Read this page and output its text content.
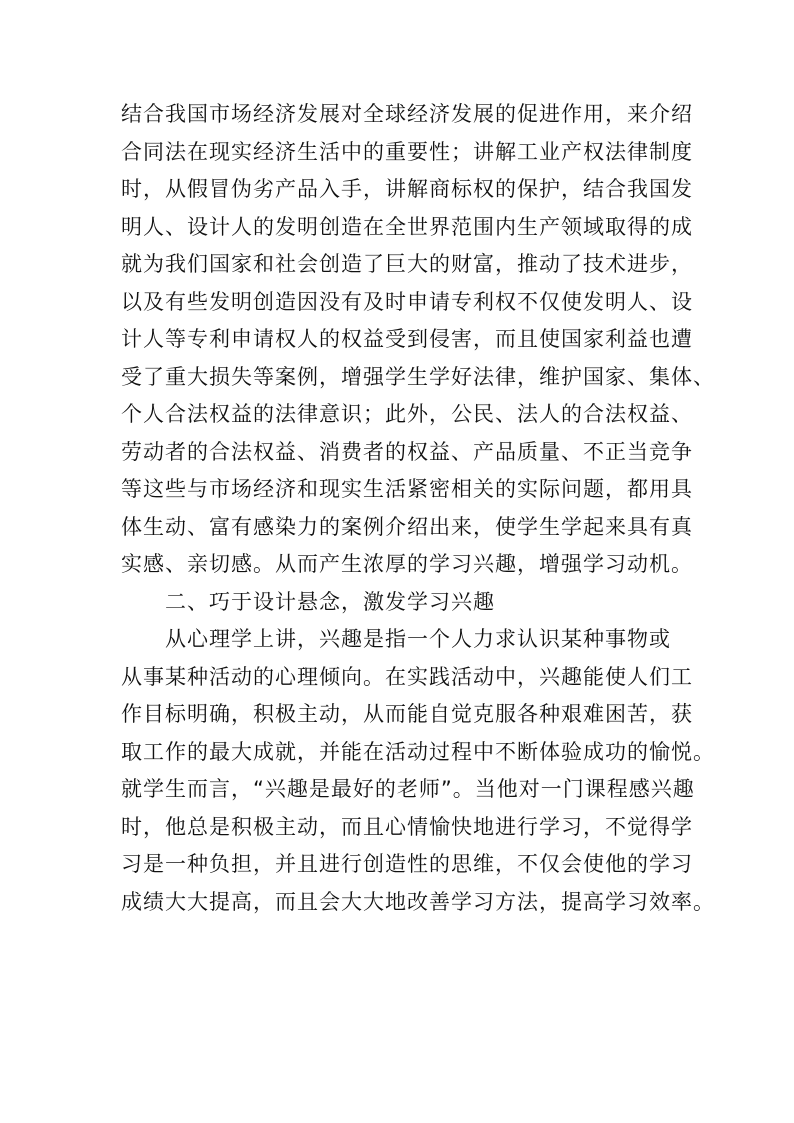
结合我国市场经济发展对全球经济发展的促进作用，来介绍
合同法在现实经济生活中的重要性；讲解工业产权法律制度
时，从假冒伪劣产品入手，讲解商标权的保护，结合我国发
明人、设计人的发明创造在全世界范围内生产领域取得的成
就为我们国家和社会创造了巨大的财富，推动了技术进步，
以及有些发明创造因没有及时申请专利权不仅使发明人、设
计人等专利申请权人的权益受到侵害，而且使国家利益也遭
受了重大损失等案例，增强学生学好法律，维护国家、集体、
个人合法权益的法律意识；此外，公民、法人的合法权益、
劳动者的合法权益、消费者的权益、产品质量、不正当竞争
等这些与市场经济和现实生活紧密相关的实际问题，都用具
体生动、富有感染力的案例介绍出来，使学生学起来具有真
实感、亲切感。从而产生浓厚的学习兴趣，增强学习动机。
二、巧于设计悬念，激发学习兴趣
从心理学上讲，兴趣是指一个人力求认识某种事物或
从事某种活动的心理倾向。在实践活动中，兴趣能使人们工
作目标明确，积极主动，从而能自觉克服各种艰难困苦，获
取工作的最大成就，并能在活动过程中不断体验成功的愉悦。
就学生而言，“兴趣是最好的老师”。当他对一门课程感兴趣
时，他总是积极主动，而且心情愉快地进行学习，不觉得学
习是一种负担，并且进行创造性的思维，不仅会使他的学习
成绩大大提高，而且会大大地改善学习方法，提高学习效率。
